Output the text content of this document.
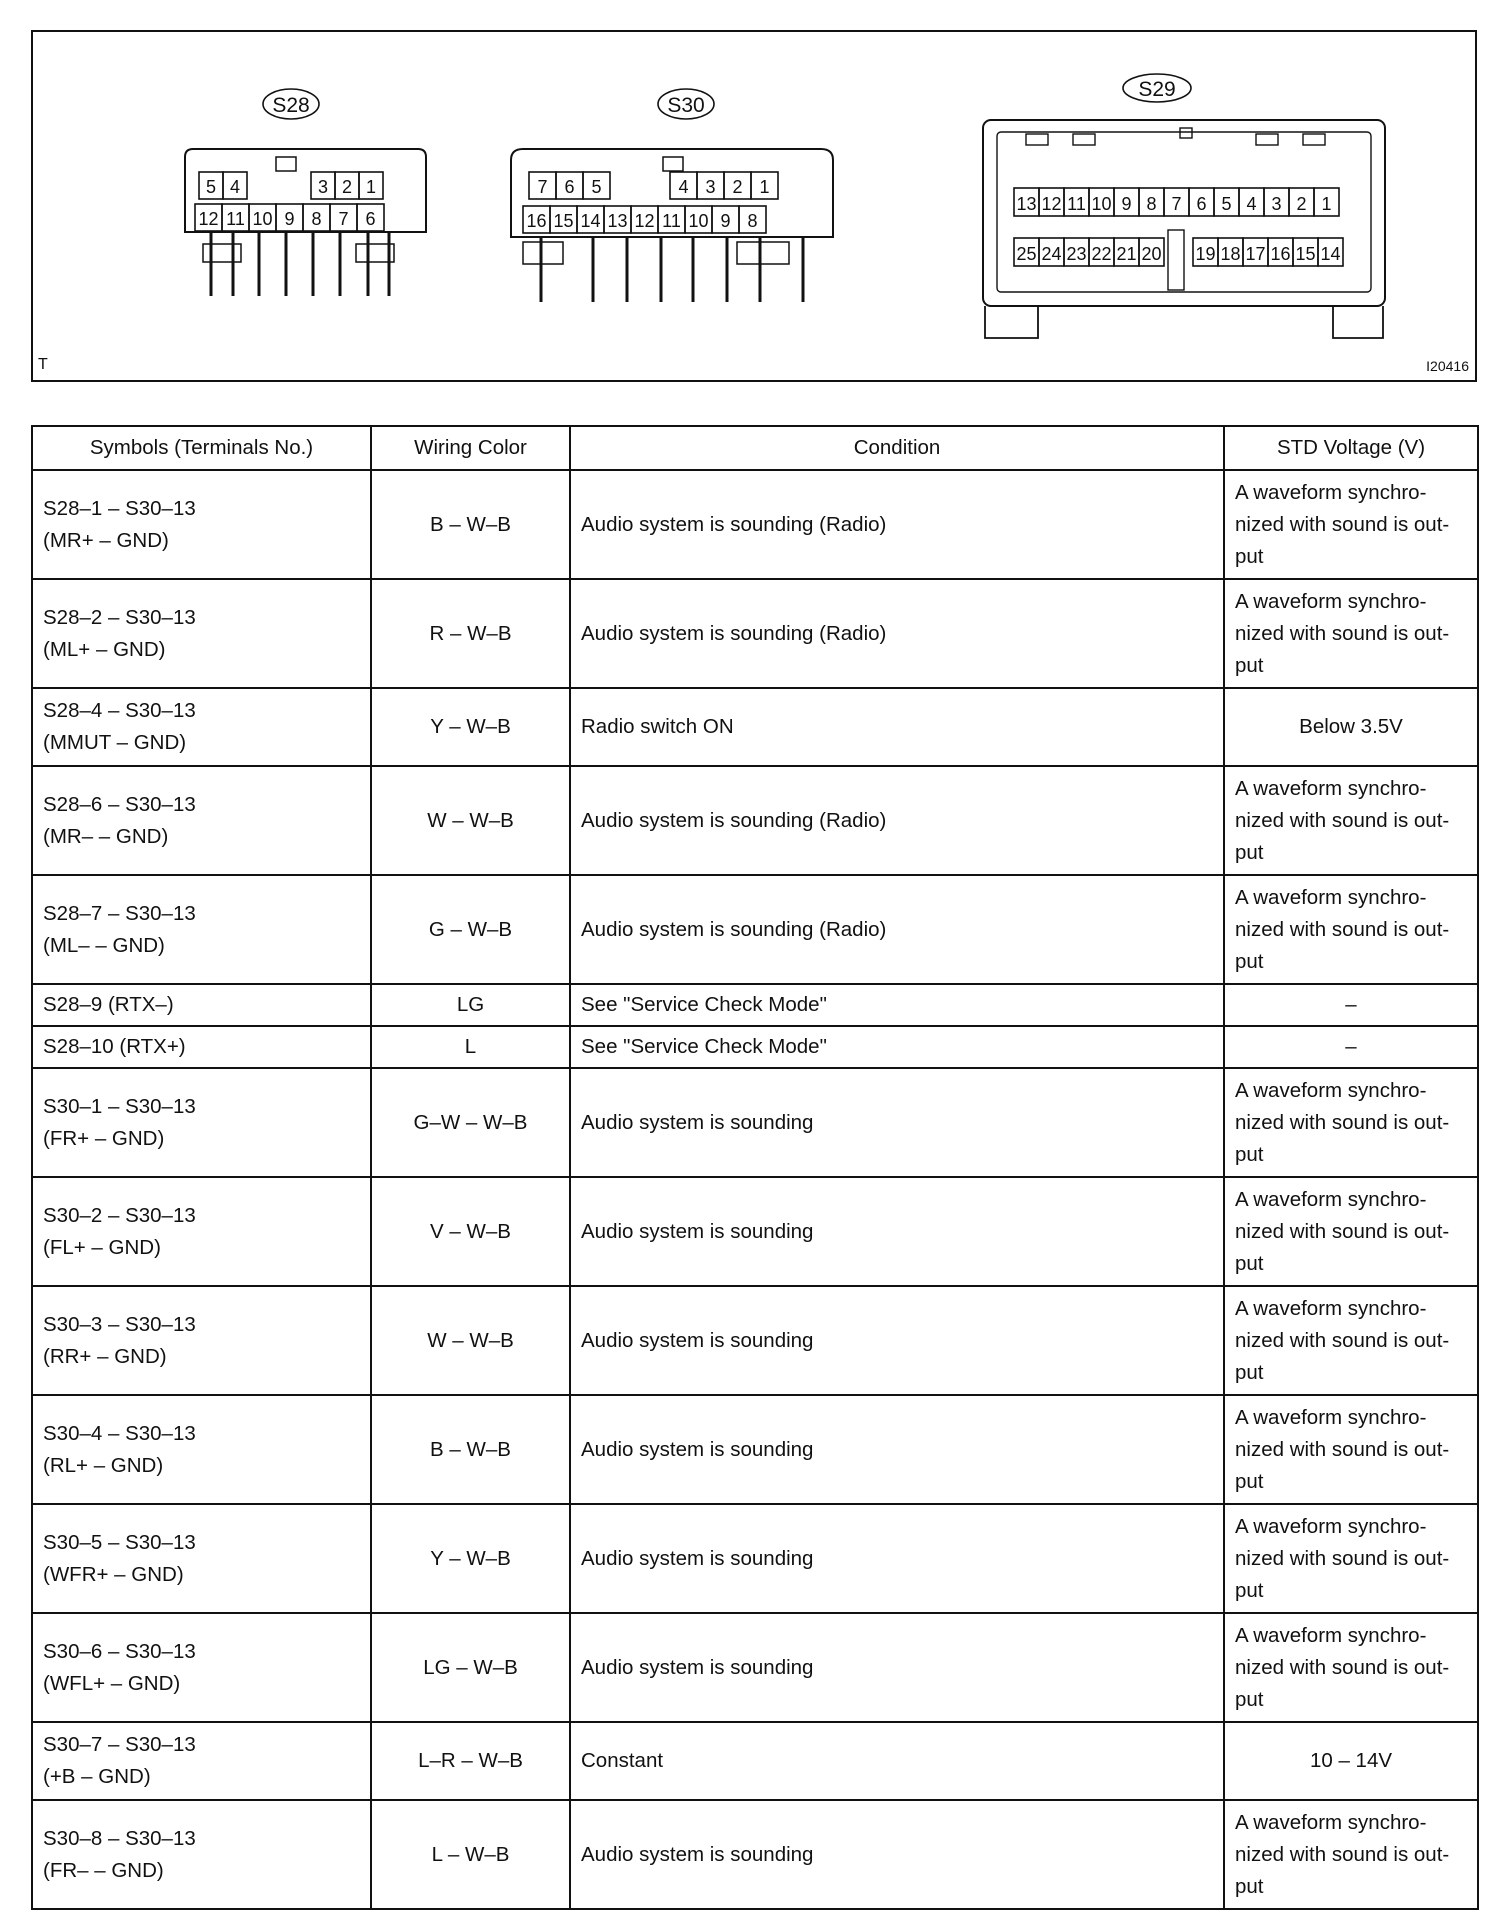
S28
5 4	3 2 1
12 11 10 9 8 7 6
S30
7 6 5	4 3 2 1
16 15 14 13 12 11 10 9 8
S29
13 12 11 10 9 8 7 6 5 4 3 2 1
25 24 23 22 21 20 19 18 17 16 15 14
T	I20416
Symbols (Terminals No.)	Wiring Color	Condition	STD Voltage (V)

S28–1 – S30–13
(MR+ – GND)	B – W–B	Audio system is sounding (Radio)	A waveform synchro-
nized with sound is out-
put

S28–2 – S30–13
(ML+ – GND)	R – W–B	Audio system is sounding (Radio)	A waveform synchro-
nized with sound is out-
put

S28–4 – S30–13
(MMUT – GND)	Y – W–B	Radio switch ON	Below 3.5V

S28–6 – S30–13
(MR– – GND)	W – W–B	Audio system is sounding (Radio)	A waveform synchro-
nized with sound is out-
put

S28–7 – S30–13
(ML– – GND)	G – W–B	Audio system is sounding (Radio)	A waveform synchro-
nized with sound is out-
put

S28–9 (RTX–)	LG	See "Service Check Mode"	–

S28–10 (RTX+)	L	See "Service Check Mode"	–

S30–1 – S30–13
(FR+ – GND)	G–W – W–B	Audio system is sounding	A waveform synchro-
nized with sound is out-
put

S30–2 – S30–13
(FL+ – GND)	V – W–B	Audio system is sounding	A waveform synchro-
nized with sound is out-
put

S30–3 – S30–13
(RR+ – GND)	W – W–B	Audio system is sounding	A waveform synchro-
nized with sound is out-
put

S30–4 – S30–13
(RL+ – GND)	B – W–B	Audio system is sounding	A waveform synchro-
nized with sound is out-
put

S30–5 – S30–13
(WFR+ – GND)	Y – W–B	Audio system is sounding	A waveform synchro-
nized with sound is out-
put

S30–6 – S30–13
(WFL+ – GND)	LG – W–B	Audio system is sounding	A waveform synchro-
nized with sound is out-
put

S30–7 – S30–13
(+B – GND)	L–R – W–B	Constant	10 – 14V

S30–8 – S30–13
(FR– – GND)	L – W–B	Audio system is sounding	A waveform synchro-
nized with sound is out-
put
